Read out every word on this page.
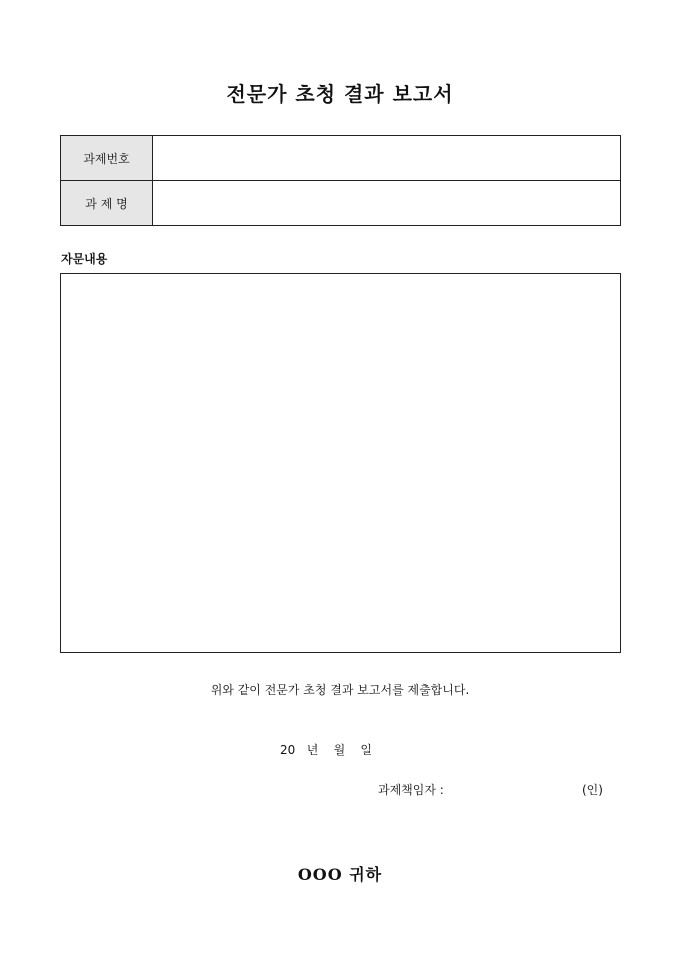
전문가 초청 결과 보고서
과제번호	
과 제 명	
자문내용
위와 같이 전문가 초청 결과 보고서를 제출합니다.
20   년    월    일
과제책임자 :	(인)
OOO 귀하
